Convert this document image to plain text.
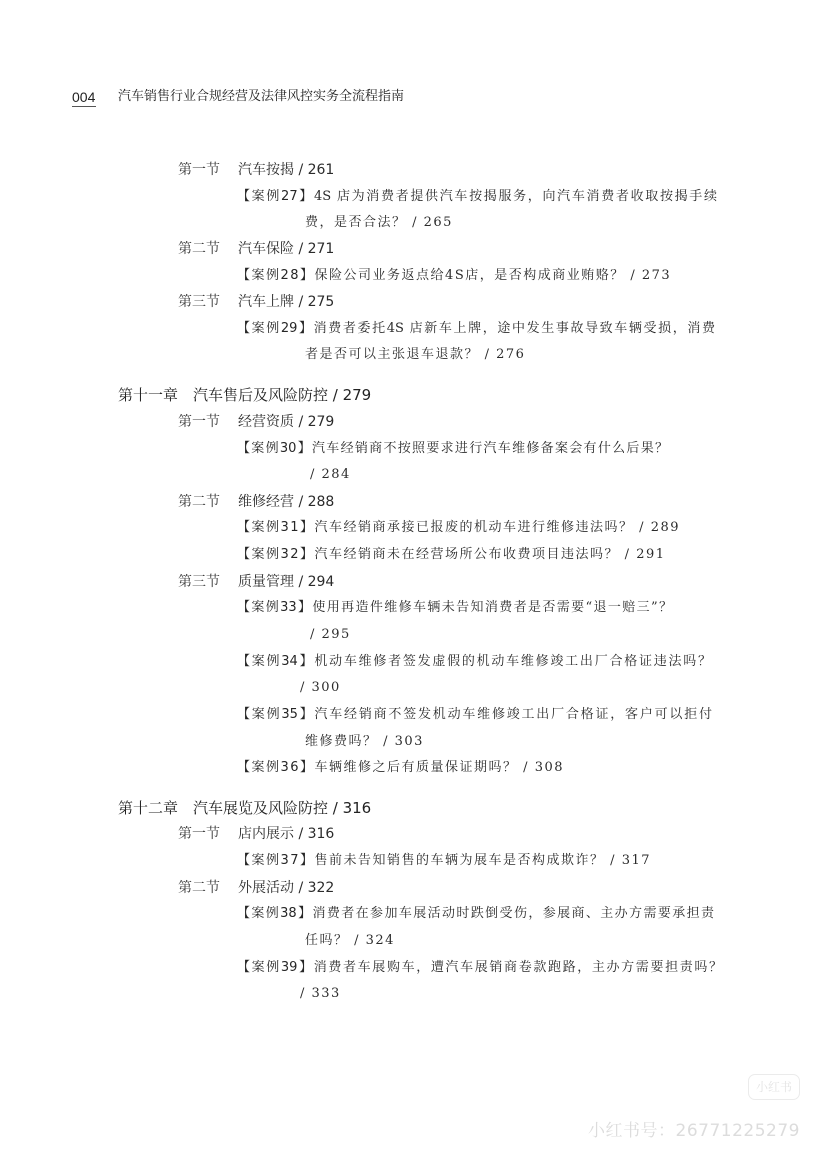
004 汽车销售行业合规经营及法律风控实务全流程指南
第一节 汽车按揭 / 261
【案例27】4S 店为消费者提供汽车按揭服务，向汽车消费者收取按揭手续
费，是否合法？ / 265
第二节 汽车保险 / 271
【案例28】保险公司业务返点给4S店，是否构成商业贿赂？ / 273
第三节 汽车上牌 / 275
【案例29】消费者委托4S 店新车上牌，途中发生事故导致车辆受损，消费
者是否可以主张退车退款？ / 276
第十一章 汽车售后及风险防控 / 279
第一节 经营资质 / 279
【案例30】汽车经销商不按照要求进行汽车维修备案会有什么后果？
/ 284
第二节 维修经营 / 288
【案例31】汽车经销商承接已报废的机动车进行维修违法吗？ / 289
【案例32】汽车经销商未在经营场所公布收费项目违法吗？ / 291
第三节 质量管理 / 294
【案例33】使用再造件维修车辆未告知消费者是否需要“退一赔三”？
/ 295
【案例34】机动车维修者签发虚假的机动车维修竣工出厂合格证违法吗？
/ 300
【案例35】汽车经销商不签发机动车维修竣工出厂合格证，客户可以拒付
维修费吗？ / 303
【案例36】车辆维修之后有质量保证期吗？ / 308
第十二章 汽车展览及风险防控 / 316
第一节 店内展示 / 316
【案例37】售前未告知销售的车辆为展车是否构成欺诈？ / 317
第二节 外展活动 / 322
【案例38】消费者在参加车展活动时跌倒受伤，参展商、主办方需要承担责
任吗？ / 324
【案例39】消费者车展购车，遭汽车展销商卷款跑路，主办方需要担责吗？
/ 333
小红书
小红书号：26771225279
